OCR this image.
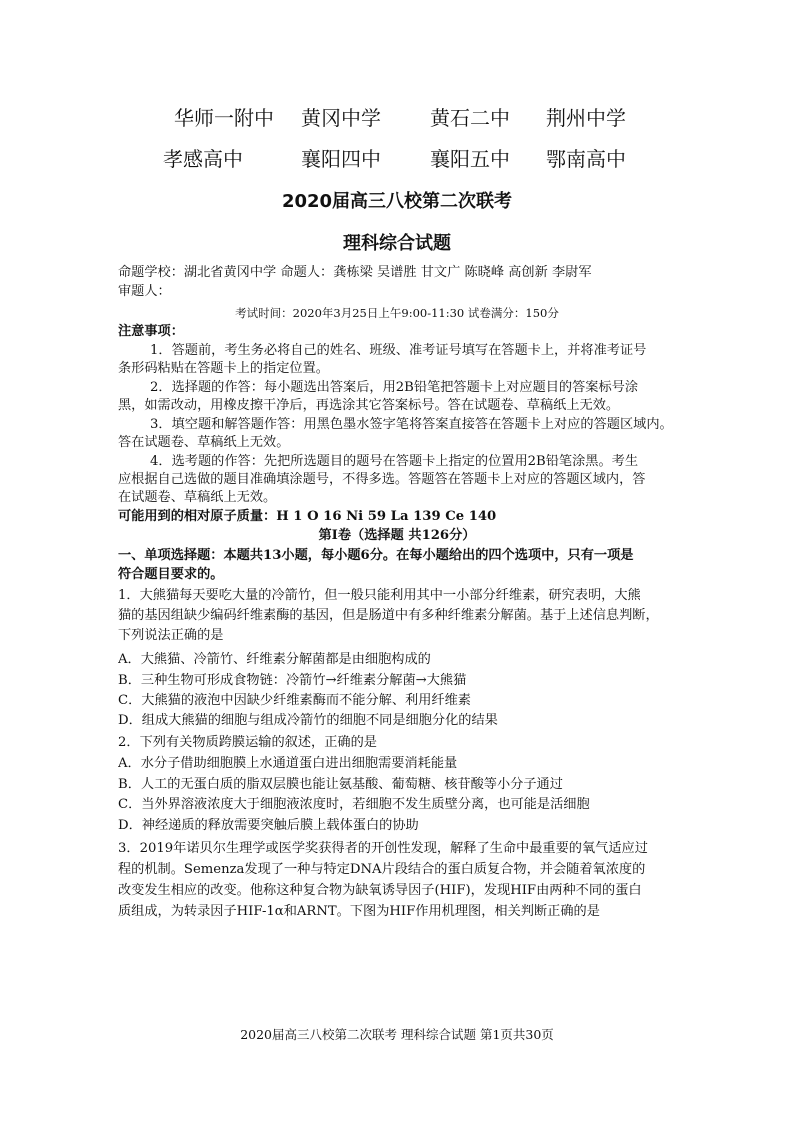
华师一附中 黄冈中学 黄石二中 荆州中学
孝感高中	襄阳四中 襄阳五中 鄂南高中
2020届高三八校第二次联考
理科综合试题
命题学校：湖北省黄冈中学 命题人：龚栋梁 吴谱胜 甘文广 陈晓峰 高创新 李尉军
审题人：
考试时间：2020年3月25日上午9:00-11:30 试卷满分：150分
注意事项：
1．答题前，考生务必将自己的姓名、班级、准考证号填写在答题卡上，并将准考证号
条形码粘贴在答题卡上的指定位置。
2．选择题的作答：每小题选出答案后，用2B铅笔把答题卡上对应题目的答案标号涂
黑，如需改动，用橡皮擦干净后，再选涂其它答案标号。答在试题卷、草稿纸上无效。
3．填空题和解答题作答：用黑色墨水签字笔将答案直接答在答题卡上对应的答题区域内。
答在试题卷、草稿纸上无效。
4．选考题的作答：先把所选题目的题号在答题卡上指定的位置用2B铅笔涂黑。考生
应根据自己选做的题目准确填涂题号，不得多选。答题答在答题卡上对应的答题区域内，答
在试题卷、草稿纸上无效。
可能用到的相对原子质量：H 1 O 16 Ni 59 La 139 Ce 140
第Ⅰ卷（选择题 共126分）
一、单项选择题：本题共13小题，每小题6分。在每小题给出的四个选项中，只有一项是
符合题目要求的。
1．大熊猫每天要吃大量的冷箭竹，但一般只能利用其中一小部分纤维素，研究表明，大熊
猫的基因组缺少编码纤维素酶的基因，但是肠道中有多种纤维素分解菌。基于上述信息判断，
下列说法正确的是
A．大熊猫、冷箭竹、纤维素分解菌都是由细胞构成的
B．三种生物可形成食物链：冷箭竹→纤维素分解菌→大熊猫
C．大熊猫的液泡中因缺少纤维素酶而不能分解、利用纤维素
D．组成大熊猫的细胞与组成冷箭竹的细胞不同是细胞分化的结果
2．下列有关物质跨膜运输的叙述，正确的是
A．水分子借助细胞膜上水通道蛋白进出细胞需要消耗能量
B．人工的无蛋白质的脂双层膜也能让氨基酸、葡萄糖、核苷酸等小分子通过
C．当外界溶液浓度大于细胞液浓度时，若细胞不发生质壁分离，也可能是活细胞
D．神经递质的释放需要突触后膜上载体蛋白的协助
3．2019年诺贝尔生理学或医学奖获得者的开创性发现，解释了生命中最重要的氧气适应过
程的机制。Semenza发现了一种与特定DNA片段结合的蛋白质复合物，并会随着氧浓度的
改变发生相应的改变。他称这种复合物为缺氧诱导因子(HIF)，发现HIF由两种不同的蛋白
质组成，为转录因子HIF-1α和ARNT。下图为HIF作用机理图，相关判断正确的是
2020届高三八校第二次联考 理科综合试题 第1页共30页
